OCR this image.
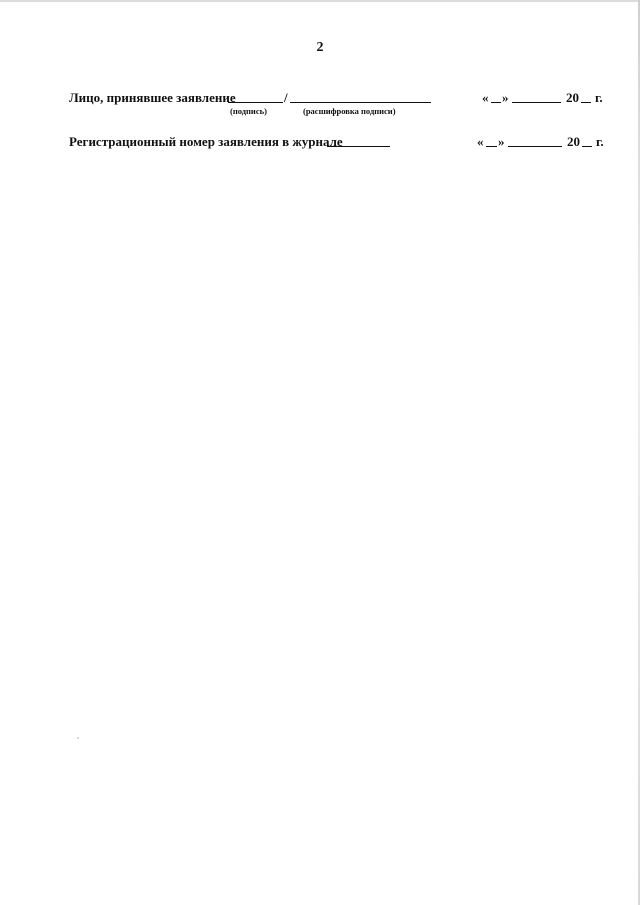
2
Лицо, принявшее заявление	/
(подпись)	(расшифровка подписи)
« »	20 г.
Регистрационный номер заявления в журнале	« »	20 г.
